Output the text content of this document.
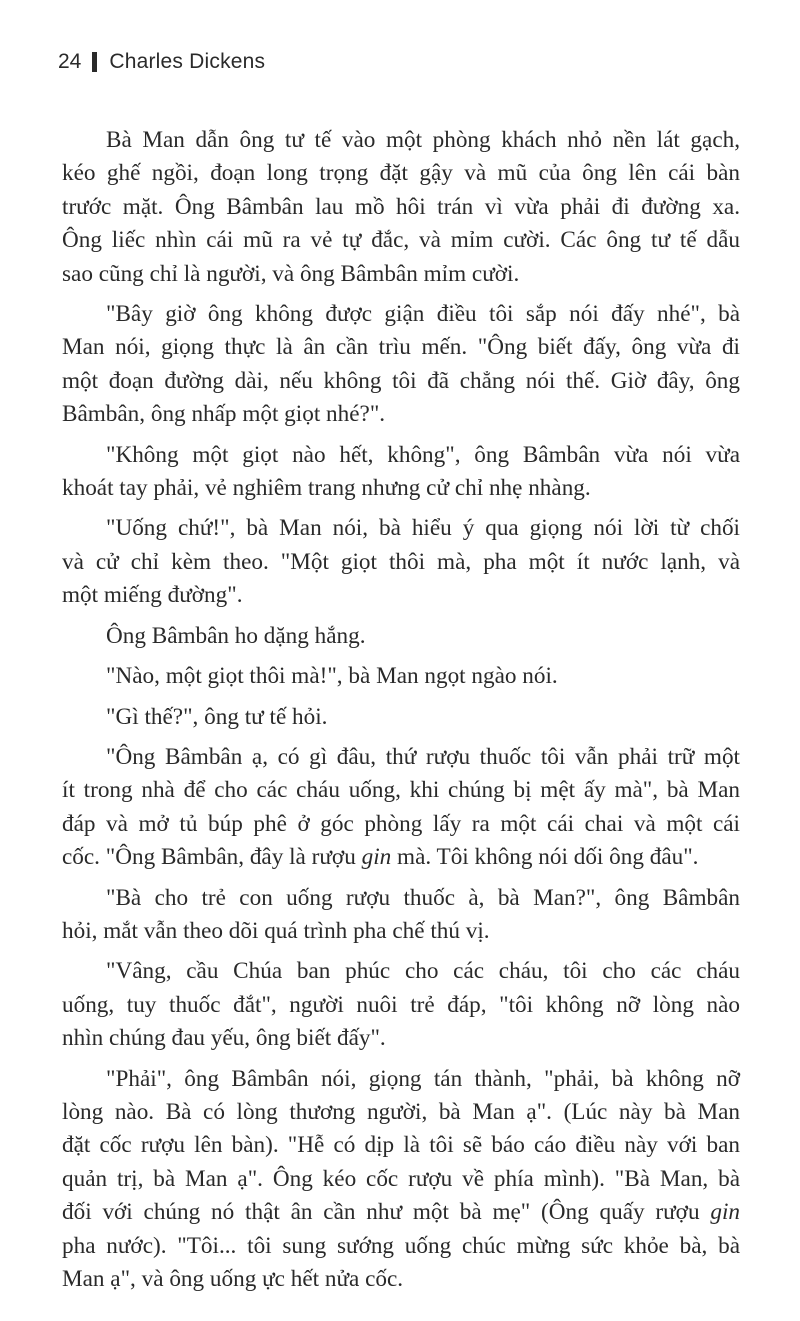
24 Charles Dickens

Bà Man dẫn ông tư tế vào một phòng khách nhỏ nền lát gạch,
kéo ghế ngồi, đoạn long trọng đặt gậy và mũ của ông lên cái bàn
trước mặt. Ông Bâmbân lau mồ hôi trán vì vừa phải đi đường xa.
Ông liếc nhìn cái mũ ra vẻ tự đắc, và mỉm cười. Các ông tư tế dẫu
sao cũng chỉ là người, và ông Bâmbân mỉm cười.

"Bây giờ ông không được giận điều tôi sắp nói đấy nhé", bà
Man nói, giọng thực là ân cần trìu mến. "Ông biết đấy, ông vừa đi
một đoạn đường dài, nếu không tôi đã chẳng nói thế. Giờ đây, ông
Bâmbân, ông nhấp một giọt nhé?".

"Không một giọt nào hết, không", ông Bâmbân vừa nói vừa
khoát tay phải, vẻ nghiêm trang nhưng cử chỉ nhẹ nhàng.

"Uống chứ!", bà Man nói, bà hiểu ý qua giọng nói lời từ chối
và cử chỉ kèm theo. "Một giọt thôi mà, pha một ít nước lạnh, và
một miếng đường".

Ông Bâmbân ho dặng hắng.

"Nào, một giọt thôi mà!", bà Man ngọt ngào nói.

"Gì thế?", ông tư tế hỏi.

"Ông Bâmbân ạ, có gì đâu, thứ rượu thuốc tôi vẫn phải trữ một
ít trong nhà để cho các cháu uống, khi chúng bị mệt ấy mà", bà Man
đáp và mở tủ búp phê ở góc phòng lấy ra một cái chai và một cái
cốc. "Ông Bâmbân, đây là rượu gin mà. Tôi không nói dối ông đâu".

"Bà cho trẻ con uống rượu thuốc à, bà Man?", ông Bâmbân
hỏi, mắt vẫn theo dõi quá trình pha chế thú vị.

"Vâng, cầu Chúa ban phúc cho các cháu, tôi cho các cháu
uống, tuy thuốc đắt", người nuôi trẻ đáp, "tôi không nỡ lòng nào
nhìn chúng đau yếu, ông biết đấy".

"Phải", ông Bâmbân nói, giọng tán thành, "phải, bà không nỡ
lòng nào. Bà có lòng thương người, bà Man ạ". (Lúc này bà Man
đặt cốc rượu lên bàn). "Hễ có dịp là tôi sẽ báo cáo điều này với ban
quản trị, bà Man ạ". Ông kéo cốc rượu về phía mình). "Bà Man, bà
đối với chúng nó thật ân cần như một bà mẹ" (Ông quấy rượu gin
pha nước). "Tôi... tôi sung sướng uống chúc mừng sức khỏe bà, bà
Man ạ", và ông uống ực hết nửa cốc.
